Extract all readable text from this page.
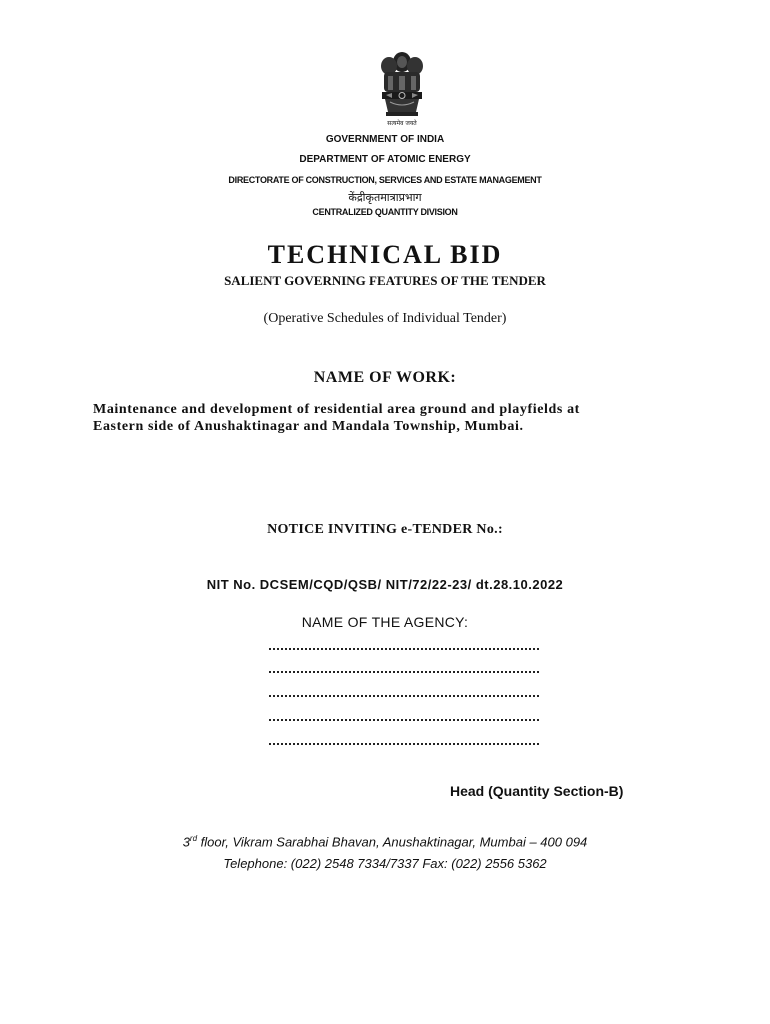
सत्यमेव जयते
GOVERNMENT OF INDIA
DEPARTMENT OF ATOMIC ENERGY
DIRECTORATE OF CONSTRUCTION, SERVICES AND ESTATE MANAGEMENT
केंद्रीकृतमात्राप्रभाग
CENTRALIZED QUANTITY DIVISION
TECHNICAL BID
SALIENT GOVERNING FEATURES OF THE TENDER
(Operative Schedules of Individual Tender)
NAME OF WORK:

Maintenance and development of residential area ground and playfields at
Eastern side of Anushaktinagar and Mandala Township, Mumbai.

NOTICE INVITING e-TENDER No.:
NIT No. DCSEM/CQD/QSB/ NIT/72/22-23/ dt.28.10.2022
NAME OF THE AGENCY:
Head (Quantity Section-B)
3rd floor, Vikram Sarabhai Bhavan, Anushaktinagar, Mumbai – 400 094
Telephone: (022) 2548 7334/7337 Fax: (022) 2556 5362
